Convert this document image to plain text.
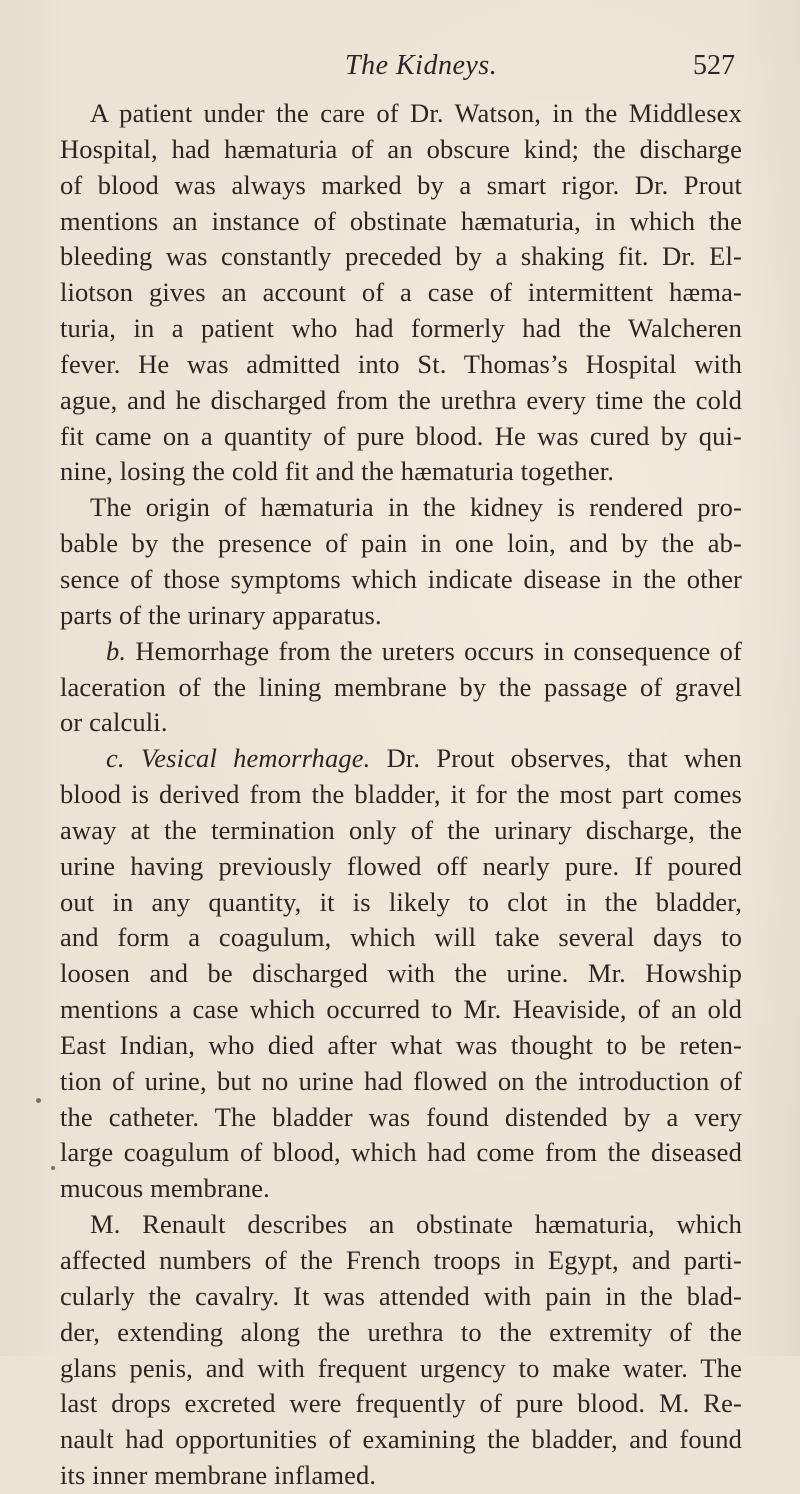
The Kidneys.	527
A patient under the care of Dr. Watson, in the Middlesex
Hospital, had hæmaturia of an obscure kind; the discharge
of blood was always marked by a smart rigor. Dr. Prout
mentions an instance of obstinate hæmaturia, in which the
bleeding was constantly preceded by a shaking fit. Dr. El-
liotson gives an account of a case of intermittent hæma-
turia, in a patient who had formerly had the Walcheren
fever. He was admitted into St. Thomas’s Hospital with
ague, and he discharged from the urethra every time the cold
fit came on a quantity of pure blood. He was cured by qui-
nine, losing the cold fit and the hæmaturia together.
The origin of hæmaturia in the kidney is rendered pro-
bable by the presence of pain in one loin, and by the ab-
sence of those symptoms which indicate disease in the other
parts of the urinary apparatus.
b. Hemorrhage from the ureters occurs in consequence of
laceration of the lining membrane by the passage of gravel
or calculi.
c. Vesical hemorrhage. Dr. Prout observes, that when
blood is derived from the bladder, it for the most part comes
away at the termination only of the urinary discharge, the
urine having previously flowed off nearly pure. If poured
out in any quantity, it is likely to clot in the bladder,
and form a coagulum, which will take several days to
loosen and be discharged with the urine. Mr. Howship
mentions a case which occurred to Mr. Heaviside, of an old
East Indian, who died after what was thought to be reten-
tion of urine, but no urine had flowed on the introduction of
the catheter. The bladder was found distended by a very
large coagulum of blood, which had come from the diseased
mucous membrane.
M. Renault describes an obstinate hæmaturia, which
affected numbers of the French troops in Egypt, and parti-
cularly the cavalry. It was attended with pain in the blad-
der, extending along the urethra to the extremity of the
glans penis, and with frequent urgency to make water. The
last drops excreted were frequently of pure blood. M. Re-
nault had opportunities of examining the bladder, and found
its inner membrane inflamed.
